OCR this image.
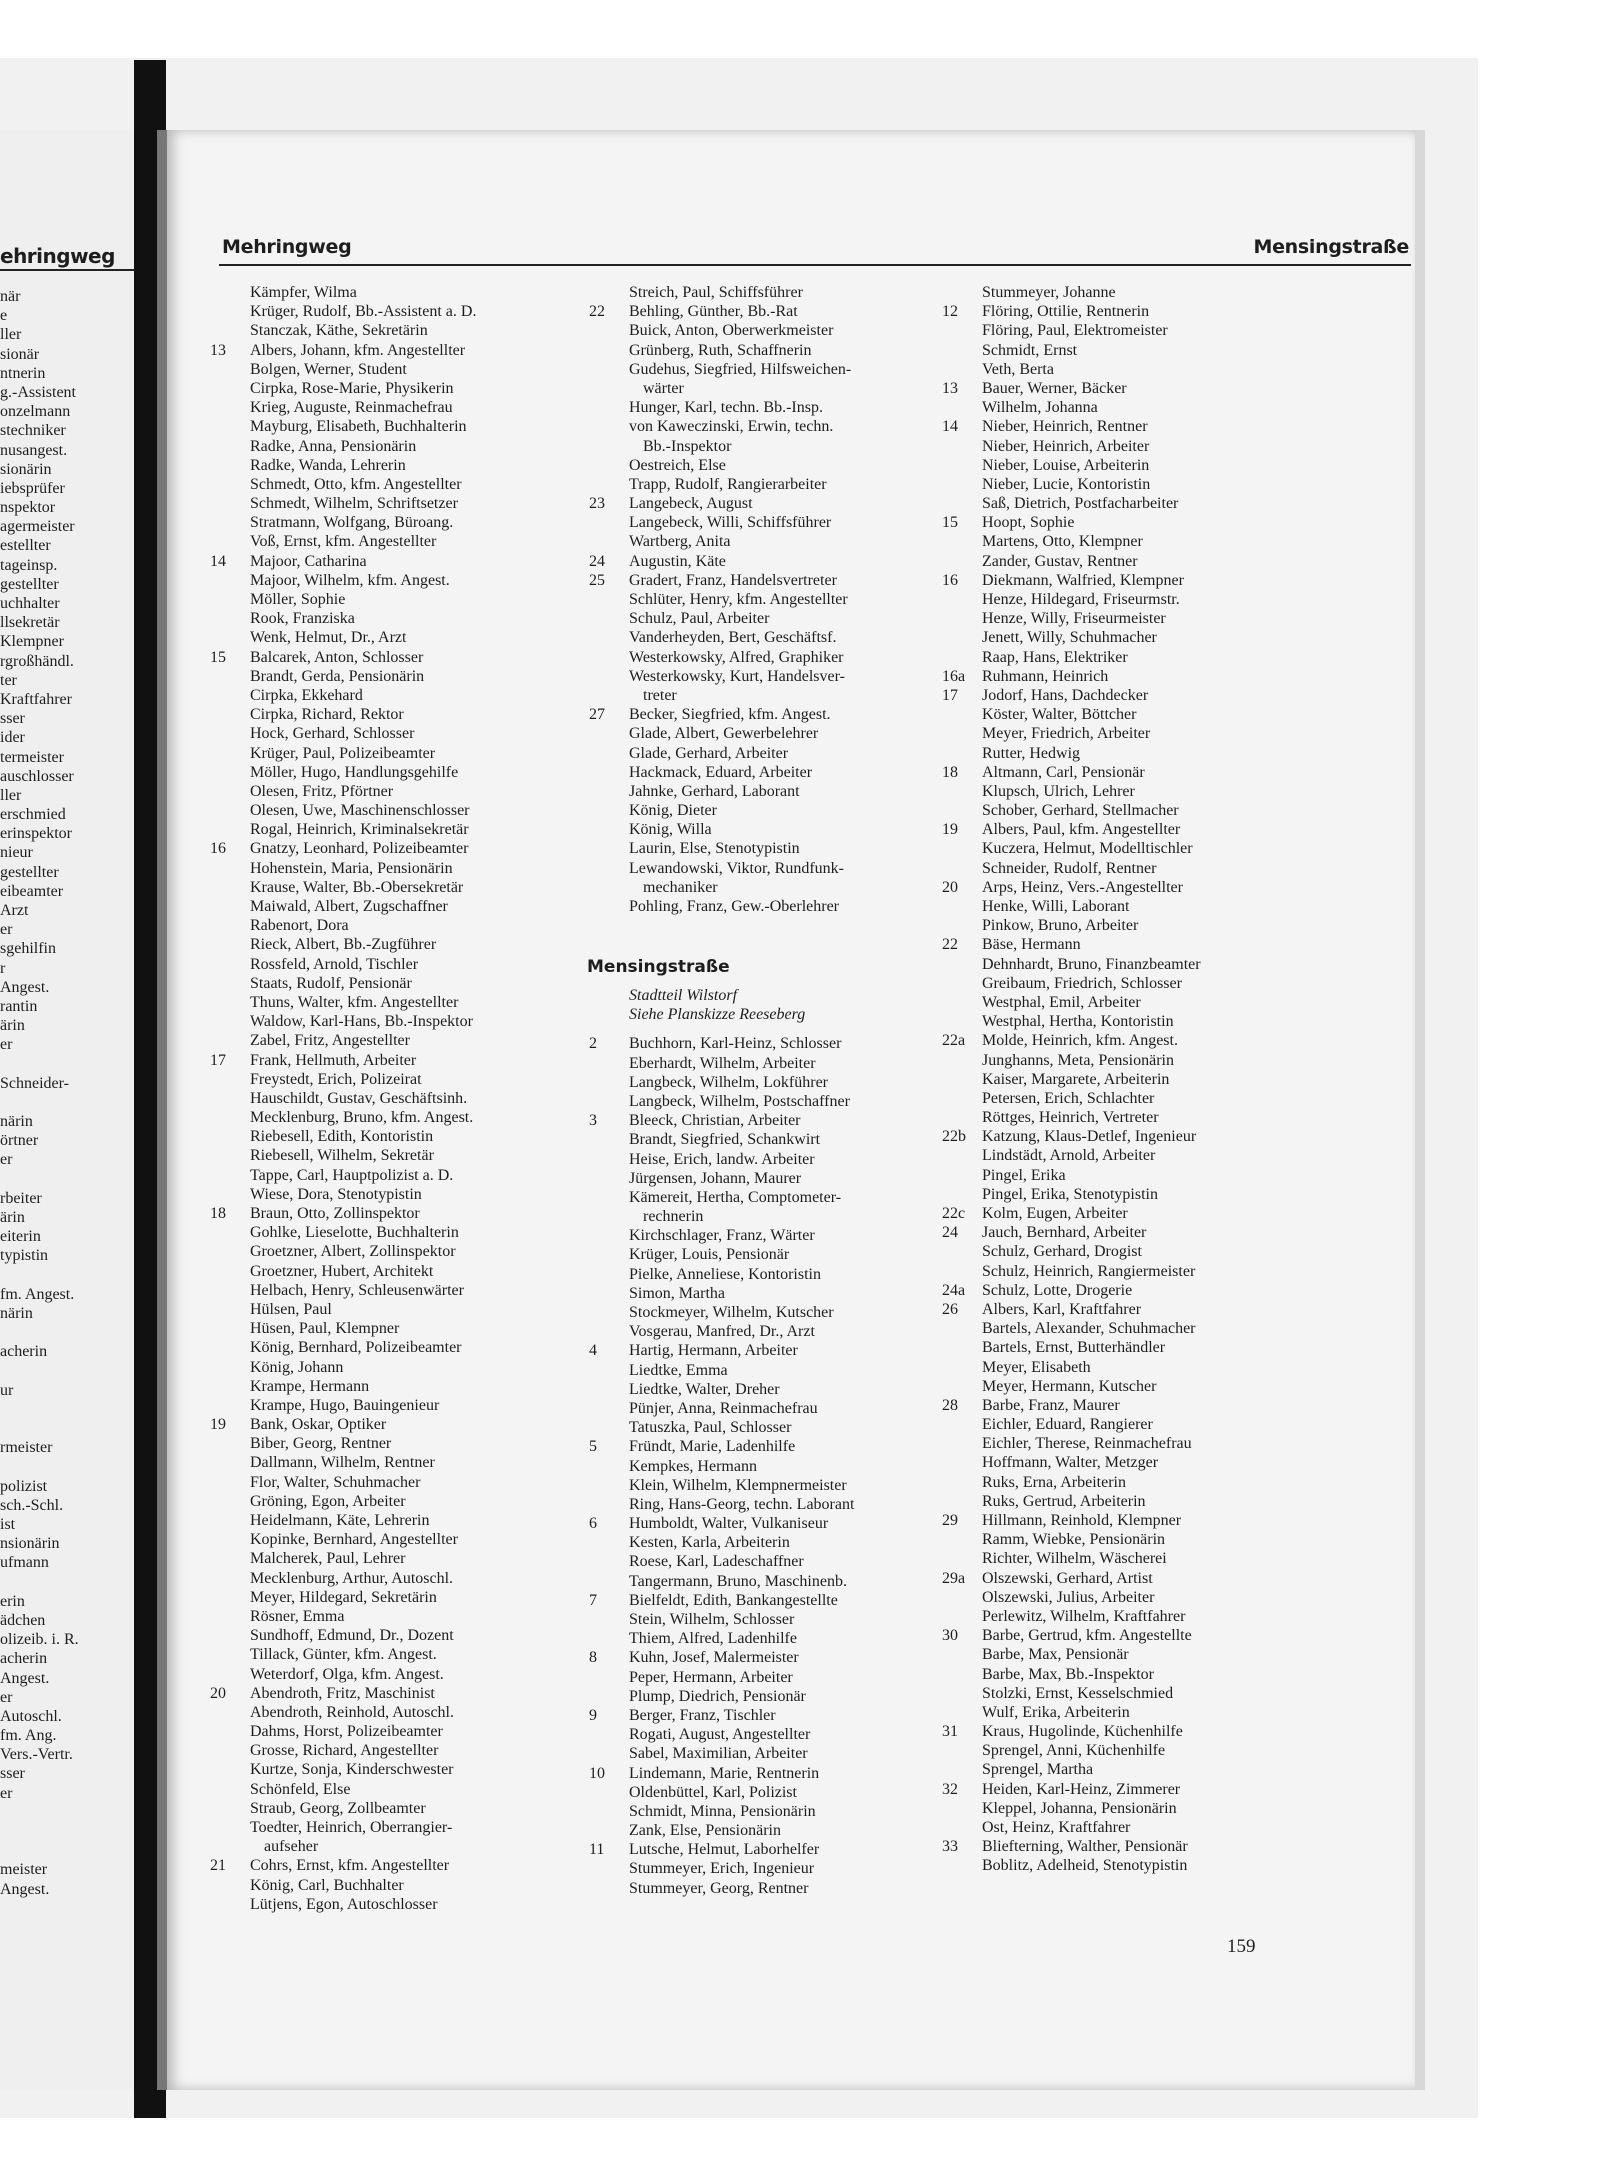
ehringweg
när
e
ller
sionär
ntnerin
g.-Assistent
onzelmann
stechniker
nusangest.
sionärin
iebsprüfer
nspektor
agermeister
estellter
tageinsp.
gestellter
uchhalter
llsekretär
Klempner
rgroßhändl.
ter
Kraftfahrer
sser
ider
termeister
auschlosser
ller
erschmied
erinspektor
nieur
gestellter
eibeamter
Arzt
er
sgehilfin
r
Angest.
rantin
ärin
er
Schneider-
närin
örtner
er
rbeiter
ärin
eiterin
typistin
fm. Angest.
närin
acherin
ur
rmeister
polizist
sch.-Schl.
ist
nsionärin
ufmann
erin
ädchen
olizeib. i. R.
acherin
Angest.
er
Autoschl.
fm. Ang.
Vers.-Vertr.
sser
er
meister
Angest.
Mehringweg	Mensingstraße
Kämpfer, Wilma
Krüger, Rudolf, Bb.-Assistent a. D.
Stanczak, Käthe, Sekretärin
13	Albers, Johann, kfm. Angestellter
Bolgen, Werner, Student
Cirpka, Rose-Marie, Physikerin
Krieg, Auguste, Reinmachefrau
Mayburg, Elisabeth, Buchhalterin
Radke, Anna, Pensionärin
Radke, Wanda, Lehrerin
Schmedt, Otto, kfm. Angestellter
Schmedt, Wilhelm, Schriftsetzer
Stratmann, Wolfgang, Büroang.
Voß, Ernst, kfm. Angestellter
14	Majoor, Catharina
Majoor, Wilhelm, kfm. Angest.
Möller, Sophie
Rook, Franziska
Wenk, Helmut, Dr., Arzt
15	Balcarek, Anton, Schlosser
Brandt, Gerda, Pensionärin
Cirpka, Ekkehard
Cirpka, Richard, Rektor
Hock, Gerhard, Schlosser
Krüger, Paul, Polizeibeamter
Möller, Hugo, Handlungsgehilfe
Olesen, Fritz, Pförtner
Olesen, Uwe, Maschinenschlosser
Rogal, Heinrich, Kriminalsekretär
16	Gnatzy, Leonhard, Polizeibeamter
Hohenstein, Maria, Pensionärin
Krause, Walter, Bb.-Obersekretär
Maiwald, Albert, Zugschaffner
Rabenort, Dora
Rieck, Albert, Bb.-Zugführer
Rossfeld, Arnold, Tischler
Staats, Rudolf, Pensionär
Thuns, Walter, kfm. Angestellter
Waldow, Karl-Hans, Bb.-Inspektor
Zabel, Fritz, Angestellter
17	Frank, Hellmuth, Arbeiter
Freystedt, Erich, Polizeirat
Hauschildt, Gustav, Geschäftsinh.
Mecklenburg, Bruno, kfm. Angest.
Riebesell, Edith, Kontoristin
Riebesell, Wilhelm, Sekretär
Tappe, Carl, Hauptpolizist a. D.
Wiese, Dora, Stenotypistin
18	Braun, Otto, Zollinspektor
Gohlke, Lieselotte, Buchhalterin
Groetzner, Albert, Zollinspektor
Groetzner, Hubert, Architekt
Helbach, Henry, Schleusenwärter
Hülsen, Paul
Hüsen, Paul, Klempner
König, Bernhard, Polizeibeamter
König, Johann
Krampe, Hermann
Krampe, Hugo, Bauingenieur
19	Bank, Oskar, Optiker
Biber, Georg, Rentner
Dallmann, Wilhelm, Rentner
Flor, Walter, Schuhmacher
Gröning, Egon, Arbeiter
Heidelmann, Käte, Lehrerin
Kopinke, Bernhard, Angestellter
Malcherek, Paul, Lehrer
Mecklenburg, Arthur, Autoschl.
Meyer, Hildegard, Sekretärin
Rösner, Emma
Sundhoff, Edmund, Dr., Dozent
Tillack, Günter, kfm. Angest.
Weterdorf, Olga, kfm. Angest.
20	Abendroth, Fritz, Maschinist
Abendroth, Reinhold, Autoschl.
Dahms, Horst, Polizeibeamter
Grosse, Richard, Angestellter
Kurtze, Sonja, Kinderschwester
Schönfeld, Else
Straub, Georg, Zollbeamter
Toedter, Heinrich, Oberrangier-
aufseher
21	Cohrs, Ernst, kfm. Angestellter
König, Carl, Buchhalter
Lütjens, Egon, Autoschlosser
Streich, Paul, Schiffsführer
22	Behling, Günther, Bb.-Rat
Buick, Anton, Oberwerkmeister
Grünberg, Ruth, Schaffnerin
Gudehus, Siegfried, Hilfsweichen-
wärter
Hunger, Karl, techn. Bb.-Insp.
von Kaweczinski, Erwin, techn.
Bb.-Inspektor
Oestreich, Else
Trapp, Rudolf, Rangierarbeiter
23	Langebeck, August
Langebeck, Willi, Schiffsführer
Wartberg, Anita
24	Augustin, Käte
25	Gradert, Franz, Handelsvertreter
Schlüter, Henry, kfm. Angestellter
Schulz, Paul, Arbeiter
Vanderheyden, Bert, Geschäftsf.
Westerkowsky, Alfred, Graphiker
Westerkowsky, Kurt, Handelsver-
treter
27	Becker, Siegfried, kfm. Angest.
Glade, Albert, Gewerbelehrer
Glade, Gerhard, Arbeiter
Hackmack, Eduard, Arbeiter
Jahnke, Gerhard, Laborant
König, Dieter
König, Willa
Laurin, Else, Stenotypistin
Lewandowski, Viktor, Rundfunk-
mechaniker
Pohling, Franz, Gew.-Oberlehrer
Mensingstraße
Stadtteil Wilstorf
Siehe Planskizze Reeseberg
2	Buchhorn, Karl-Heinz, Schlosser
Eberhardt, Wilhelm, Arbeiter
Langbeck, Wilhelm, Lokführer
Langbeck, Wilhelm, Postschaffner
3	Bleeck, Christian, Arbeiter
Brandt, Siegfried, Schankwirt
Heise, Erich, landw. Arbeiter
Jürgensen, Johann, Maurer
Kämereit, Hertha, Comptometer-
rechnerin
Kirchschlager, Franz, Wärter
Krüger, Louis, Pensionär
Pielke, Anneliese, Kontoristin
Simon, Martha
Stockmeyer, Wilhelm, Kutscher
Vosgerau, Manfred, Dr., Arzt
4	Hartig, Hermann, Arbeiter
Liedtke, Emma
Liedtke, Walter, Dreher
Pünjer, Anna, Reinmachefrau
Tatuszka, Paul, Schlosser
5	Fründt, Marie, Ladenhilfe
Kempkes, Hermann
Klein, Wilhelm, Klempnermeister
Ring, Hans-Georg, techn. Laborant
6	Humboldt, Walter, Vulkaniseur
Kesten, Karla, Arbeiterin
Roese, Karl, Ladeschaffner
Tangermann, Bruno, Maschinenb.
7	Bielfeldt, Edith, Bankangestellte
Stein, Wilhelm, Schlosser
Thiem, Alfred, Ladenhilfe
8	Kuhn, Josef, Malermeister
Peper, Hermann, Arbeiter
Plump, Diedrich, Pensionär
9	Berger, Franz, Tischler
Rogati, August, Angestellter
Sabel, Maximilian, Arbeiter
10	Lindemann, Marie, Rentnerin
Oldenbüttel, Karl, Polizist
Schmidt, Minna, Pensionärin
Zank, Else, Pensionärin
11	Lutsche, Helmut, Laborhelfer
Stummeyer, Erich, Ingenieur
Stummeyer, Georg, Rentner
Stummeyer, Johanne
12	Flöring, Ottilie, Rentnerin
Flöring, Paul, Elektromeister
Schmidt, Ernst
Veth, Berta
13	Bauer, Werner, Bäcker
Wilhelm, Johanna
14	Nieber, Heinrich, Rentner
Nieber, Heinrich, Arbeiter
Nieber, Louise, Arbeiterin
Nieber, Lucie, Kontoristin
Saß, Dietrich, Postfacharbeiter
15	Hoopt, Sophie
Martens, Otto, Klempner
Zander, Gustav, Rentner
16	Diekmann, Walfried, Klempner
Henze, Hildegard, Friseurmstr.
Henze, Willy, Friseurmeister
Jenett, Willy, Schuhmacher
Raap, Hans, Elektriker
16a	Ruhmann, Heinrich
17	Jodorf, Hans, Dachdecker
Köster, Walter, Böttcher
Meyer, Friedrich, Arbeiter
Rutter, Hedwig
18	Altmann, Carl, Pensionär
Klupsch, Ulrich, Lehrer
Schober, Gerhard, Stellmacher
19	Albers, Paul, kfm. Angestellter
Kuczera, Helmut, Modelltischler
Schneider, Rudolf, Rentner
20	Arps, Heinz, Vers.-Angestellter
Henke, Willi, Laborant
Pinkow, Bruno, Arbeiter
22	Bäse, Hermann
Dehnhardt, Bruno, Finanzbeamter
Greibaum, Friedrich, Schlosser
Westphal, Emil, Arbeiter
Westphal, Hertha, Kontoristin
22a	Molde, Heinrich, kfm. Angest.
Junghanns, Meta, Pensionärin
Kaiser, Margarete, Arbeiterin
Petersen, Erich, Schlachter
Röttges, Heinrich, Vertreter
22b	Katzung, Klaus-Detlef, Ingenieur
Lindstädt, Arnold, Arbeiter
Pingel, Erika
Pingel, Erika, Stenotypistin
22c	Kolm, Eugen, Arbeiter
24	Jauch, Bernhard, Arbeiter
Schulz, Gerhard, Drogist
Schulz, Heinrich, Rangiermeister
24a	Schulz, Lotte, Drogerie
26	Albers, Karl, Kraftfahrer
Bartels, Alexander, Schuhmacher
Bartels, Ernst, Butterhändler
Meyer, Elisabeth
Meyer, Hermann, Kutscher
28	Barbe, Franz, Maurer
Eichler, Eduard, Rangierer
Eichler, Therese, Reinmachefrau
Hoffmann, Walter, Metzger
Ruks, Erna, Arbeiterin
Ruks, Gertrud, Arbeiterin
29	Hillmann, Reinhold, Klempner
Ramm, Wiebke, Pensionärin
Richter, Wilhelm, Wäscherei
29a	Olszewski, Gerhard, Artist
Olszewski, Julius, Arbeiter
Perlewitz, Wilhelm, Kraftfahrer
30	Barbe, Gertrud, kfm. Angestellte
Barbe, Max, Pensionär
Barbe, Max, Bb.-Inspektor
Stolzki, Ernst, Kesselschmied
Wulf, Erika, Arbeiterin
31	Kraus, Hugolinde, Küchenhilfe
Sprengel, Anni, Küchenhilfe
Sprengel, Martha
32	Heiden, Karl-Heinz, Zimmerer
Kleppel, Johanna, Pensionärin
Ost, Heinz, Kraftfahrer
33	Bliefterning, Walther, Pensionär
Boblitz, Adelheid, Stenotypistin
159
